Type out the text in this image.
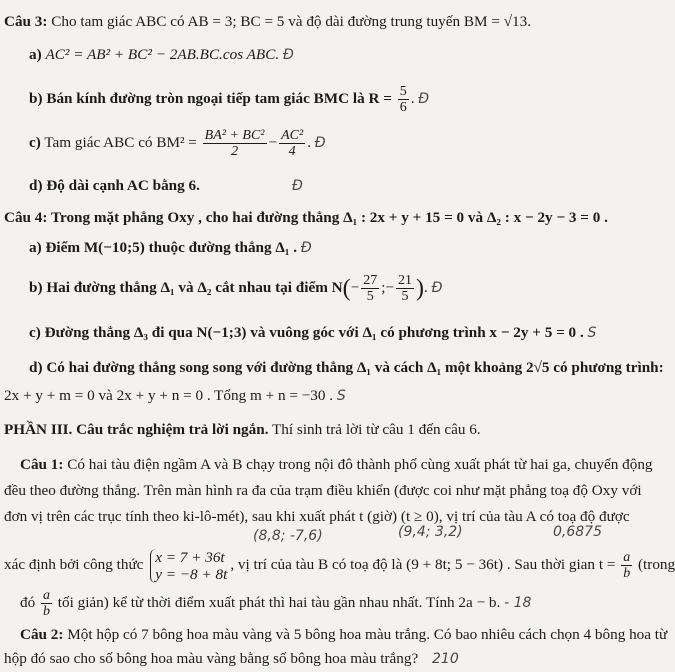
Câu 3: Cho tam giác ABC có AB = 3; BC = 5 và độ dài đường trung tuyến BM = √13.
a) AC² = AB² + BC² − 2AB.BC.cos ABC. Đ
b) Bán kính đường tròn ngoại tiếp tam giác BMC là $R = \frac{5}{6}$ . Đ
c) Tam giác ABC có $BM^2 = \frac{\text{BA² + BC²}}{2} - \frac{\text{AC²}}{4}$ . Đ
d) Độ dài cạnh AC bằng 6.	Đ
Câu 4: Trong mặt phẳng Oxy , cho hai đường thẳng Δ₁ : 2x + y + 15 = 0 và Δ₂ : x − 2y − 3 = 0 .
a) Điểm M(−10;5) thuộc đường thẳng Δ₁ . Đ
b) Hai đường thẳng Δ₁ và Δ₂ cắt nhau tại điểm $N(- \frac{27}{5}$ ;− $\frac{21}{5}$ ). Đ
c) Đường thẳng Δ₃ đi qua N(−1;3) và vuông góc với Δ₁ có phương trình x − 2y + 5 = 0 . S
d) Có hai đường thẳng song song với đường thẳng Δ₁ và cách Δ₁ một khoảng 2√5 có phương trình:
2x + y + m = 0 và 2x + y + n = 0 . Tổng m + n = −30 . S
PHẦN III. Câu trắc nghiệm trả lời ngắn. Thí sinh trả lời từ câu 1 đến câu 6.
Câu 1: Có hai tàu điện ngầm A và B chạy trong nội đô thành phố cùng xuất phát từ hai ga, chuyển động
đều theo đường thẳng. Trên màn hình ra đa của trạm điều khiển (được coi như mặt phẳng toạ độ Oxy với
đơn vị trên các trục tính theo ki-lô-mét), sau khi xuất phát t (giờ) (t ≥ 0), vị trí của tàu A có toạ độ được
(8,8; -7,6)	(9,4; 3,2)	0,6875
xác định bởi công thức x = 7 + 36t
y = −8 + 8t
, vị trí của tàu B có toạ độ là (9 + 8t; 5 − 36t) . Sau thời gian $t = \frac{a}{b}$ (trong
đó $\frac{a}{b}$ tối giản) kể từ thời điểm xuất phát thì hai tàu gần nhau nhất. Tính 2a − b. - 18
Câu 2: Một hộp có 7 bông hoa màu vàng và 5 bông hoa màu trắng. Có bao nhiêu cách chọn 4 bông hoa từ
hộp đó sao cho số bông hoa màu vàng bằng số bông hoa màu trắng? 210
